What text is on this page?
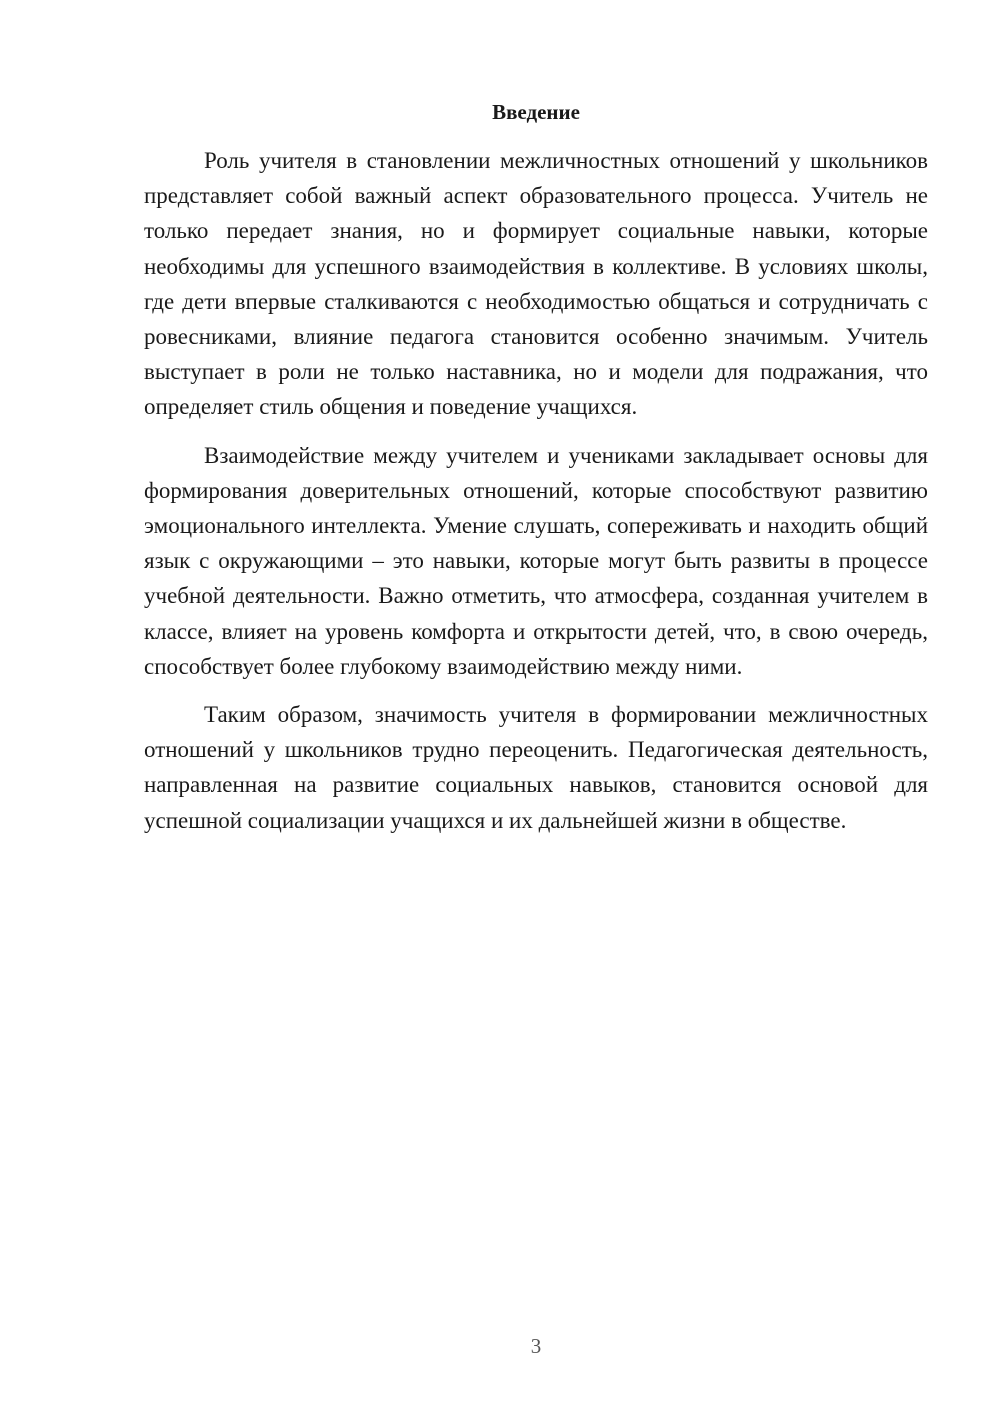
Введение

Роль учителя в становлении межличностных отношений у школьников представляет собой важный аспект образовательного процесса. Учитель не только передает знания, но и формирует социальные навыки, которые необходимы для успешного взаимодействия в коллективе. В условиях школы, где дети впервые сталкиваются с необходимостью общаться и сотрудничать с ровесниками, влияние педагога становится особенно значимым. Учитель выступает в роли не только наставника, но и модели для подражания, что определяет стиль общения и поведение учащихся.

Взаимодействие между учителем и учениками закладывает основы для формирования доверительных отношений, которые способствуют развитию эмоционального интеллекта. Умение слушать, сопереживать и находить общий язык с окружающими – это навыки, которые могут быть развиты в процессе учебной деятельности. Важно отметить, что атмосфера, созданная учителем в классе, влияет на уровень комфорта и открытости детей, что, в свою очередь, способствует более глубокому взаимодействию между ними.

Таким образом, значимость учителя в формировании межличностных отношений у школьников трудно переоценить. Педагогическая деятельность, направленная на развитие социальных навыков, становится основой для успешной социализации учащихся и их дальнейшей жизни в обществе.

3
